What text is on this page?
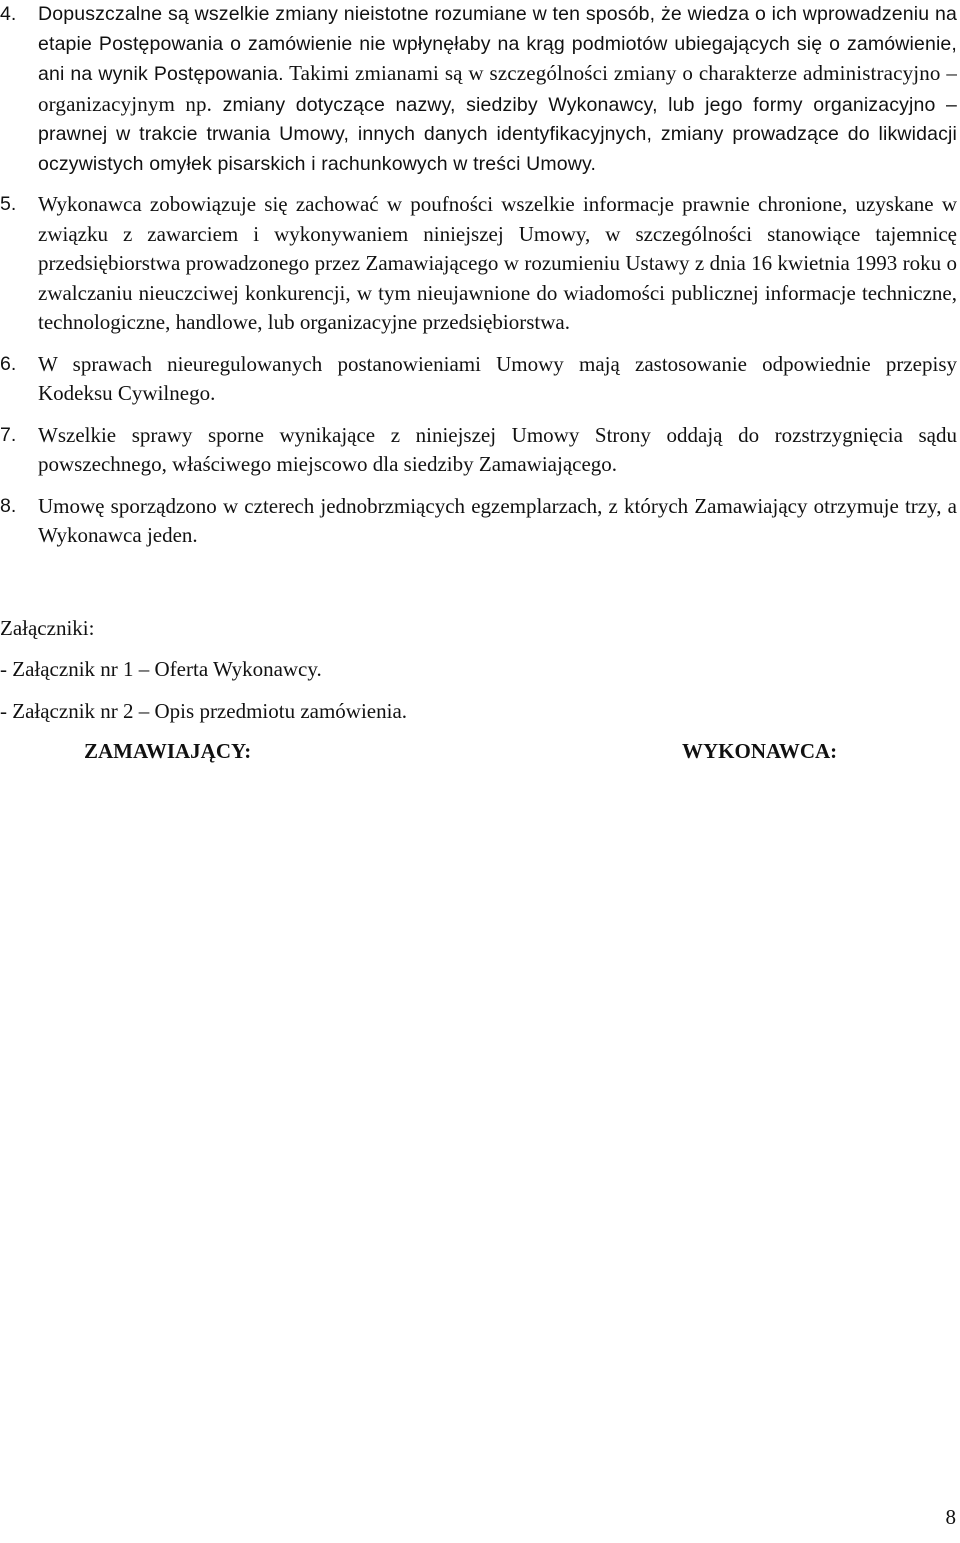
4.	Dopuszczalne są wszelkie zmiany nieistotne rozumiane w ten sposób, że wiedza o ich wprowadzeniu na etapie Postępowania o zamówienie nie wpłynęłaby na krąg podmiotów ubiegających się o zamówienie, ani na wynik Postępowania. Takimi zmianami są w szczególności zmiany o charakterze administracyjno – organizacyjnym np. zmiany dotyczące nazwy, siedziby Wykonawcy, lub jego formy organizacyjno – prawnej w trakcie trwania Umowy, innych danych identyfikacyjnych, zmiany prowadzące do likwidacji oczywistych omyłek pisarskich i rachunkowych w treści Umowy.
5.	Wykonawca zobowiązuje się zachować w poufności wszelkie informacje prawnie chronione, uzyskane w związku z zawarciem i wykonywaniem niniejszej Umowy, w szczególności stanowiące tajemnicę przedsiębiorstwa prowadzonego przez Zamawiającego w rozumieniu Ustawy z dnia 16 kwietnia 1993 roku o zwalczaniu nieuczciwej konkurencji, w tym nieujawnione do wiadomości publicznej informacje techniczne, technologiczne, handlowe, lub organizacyjne przedsiębiorstwa.
6.	W sprawach nieuregulowanych postanowieniami Umowy mają zastosowanie odpowiednie przepisy Kodeksu Cywilnego.
7.	Wszelkie sprawy sporne wynikające z niniejszej Umowy Strony oddają do rozstrzygnięcia sądu powszechnego, właściwego miejscowo dla siedziby Zamawiającego.
8.	Umowę sporządzono w czterech jednobrzmiących egzemplarzach, z których Zamawiający otrzymuje trzy, a Wykonawca jeden.
Załączniki:
- Załącznik nr 1 – Oferta Wykonawcy.
- Załącznik nr 2 – Opis przedmiotu zamówienia.
ZAMAWIAJĄCY:	WYKONAWCA:
8
